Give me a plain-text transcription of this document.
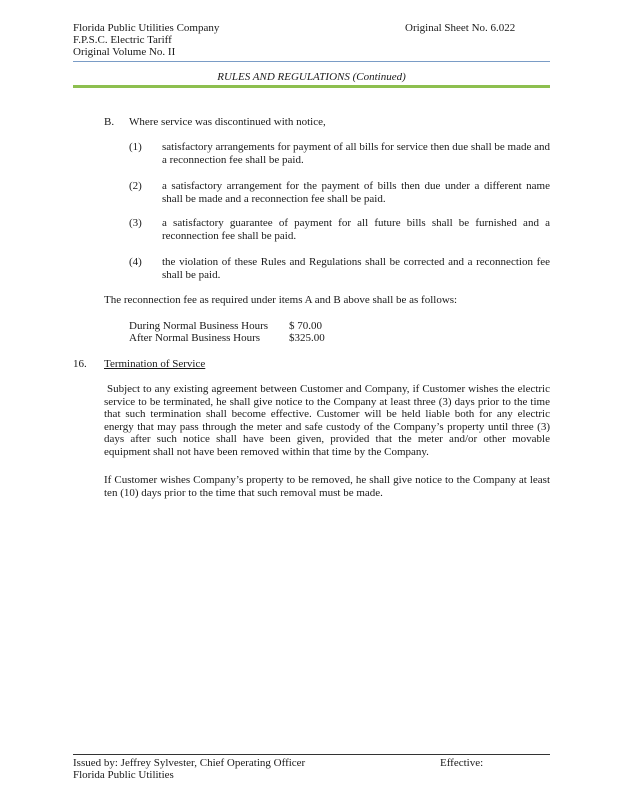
Florida Public Utilities Company
F.P.S.C. Electric Tariff
Original Volume No. II
Original Sheet No. 6.022
RULES AND REGULATIONS (Continued)
B. Where service was discontinued with notice,
(1) satisfactory arrangements for payment of all bills for service then due shall be made and a reconnection fee shall be paid.
(2) a satisfactory arrangement for the payment of bills then due under a different name shall be made and a reconnection fee shall be paid.
(3) a satisfactory guarantee of payment for all future bills shall be furnished and a reconnection fee shall be paid.
(4) the violation of these Rules and Regulations shall be corrected and a reconnection fee shall be paid.
The reconnection fee as required under items A and B above shall be as follows:
During Normal Business Hours $ 70.00
After Normal Business Hours	$325.00
16. Termination of Service
Subject to any existing agreement between Customer and Company, if Customer wishes the electric service to be terminated, he shall give notice to the Company at least three (3) days prior to the time that such termination shall become effective. Customer will be held liable both for any electric energy that may pass through the meter and safe custody of the Company’s property until three (3) days after such notice shall have been given, provided that the meter and/or other movable equipment shall not have been removed within that time by the Company.
If Customer wishes Company’s property to be removed, he shall give notice to the Company at least ten (10) days prior to the time that such removal must be made.
Issued by: Jeffrey Sylvester, Chief Operating Officer	Effective:
Florida Public Utilities
